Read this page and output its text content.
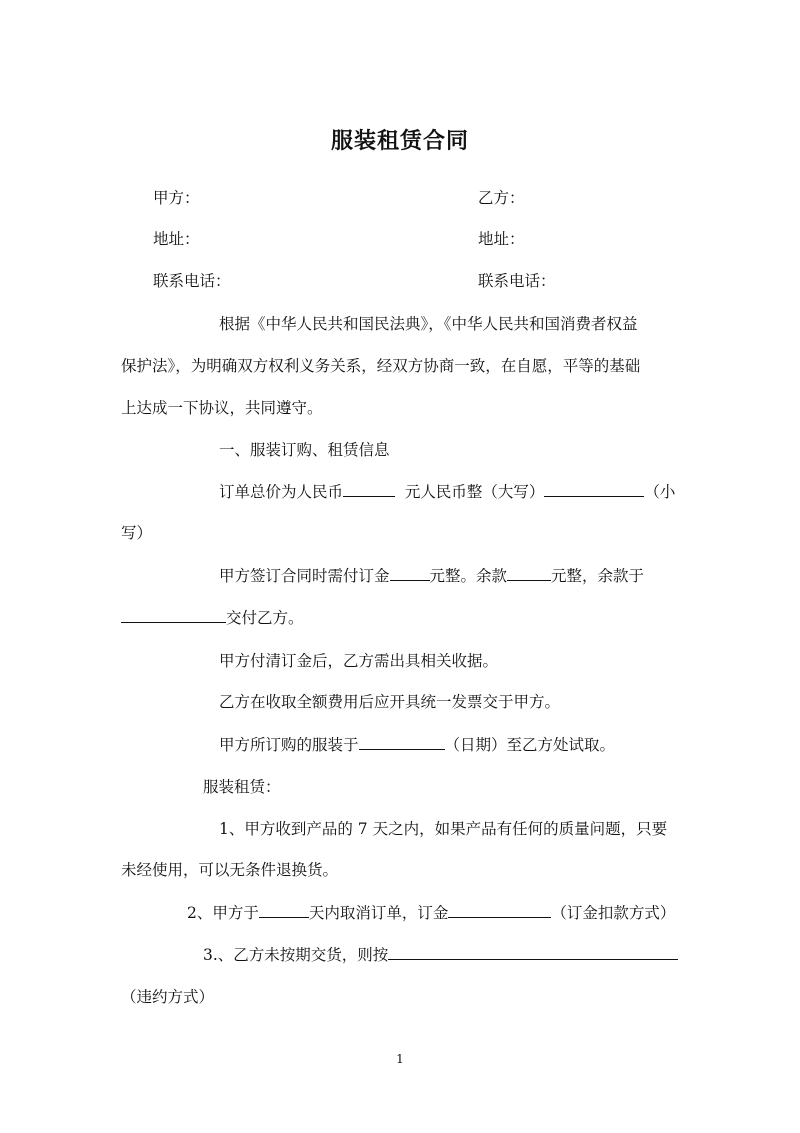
服装租赁合同
甲方：	乙方：
地址：	地址：
联系电话：	联系电话：
根据《中华人民共和国民法典》，《中华人民共和国消费者权益
保护法》，为明确双方权利义务关系，经双方协商一致，在自愿，平等的基础
上达成一下协议，共同遵守。
一、服装订购、租赁信息
订单总价为人民币	元人民币整（大写）	（小
写）
甲方签订合同时需付订金	元整。余款	元整，余款于
交付乙方。
甲方付清订金后，乙方需出具相关收据。
乙方在收取全额费用后应开具统一发票交于甲方。
甲方所订购的服装于	（日期）至乙方处试取。
服装租赁：
1、甲方收到产品的 7 天之内，如果产品有任何的质量问题，只要
未经使用，可以无条件退换货。
2、甲方于	天内取消订单，订金	（订金扣款方式）
3.、乙方未按期交货，则按
（违约方式）
1
